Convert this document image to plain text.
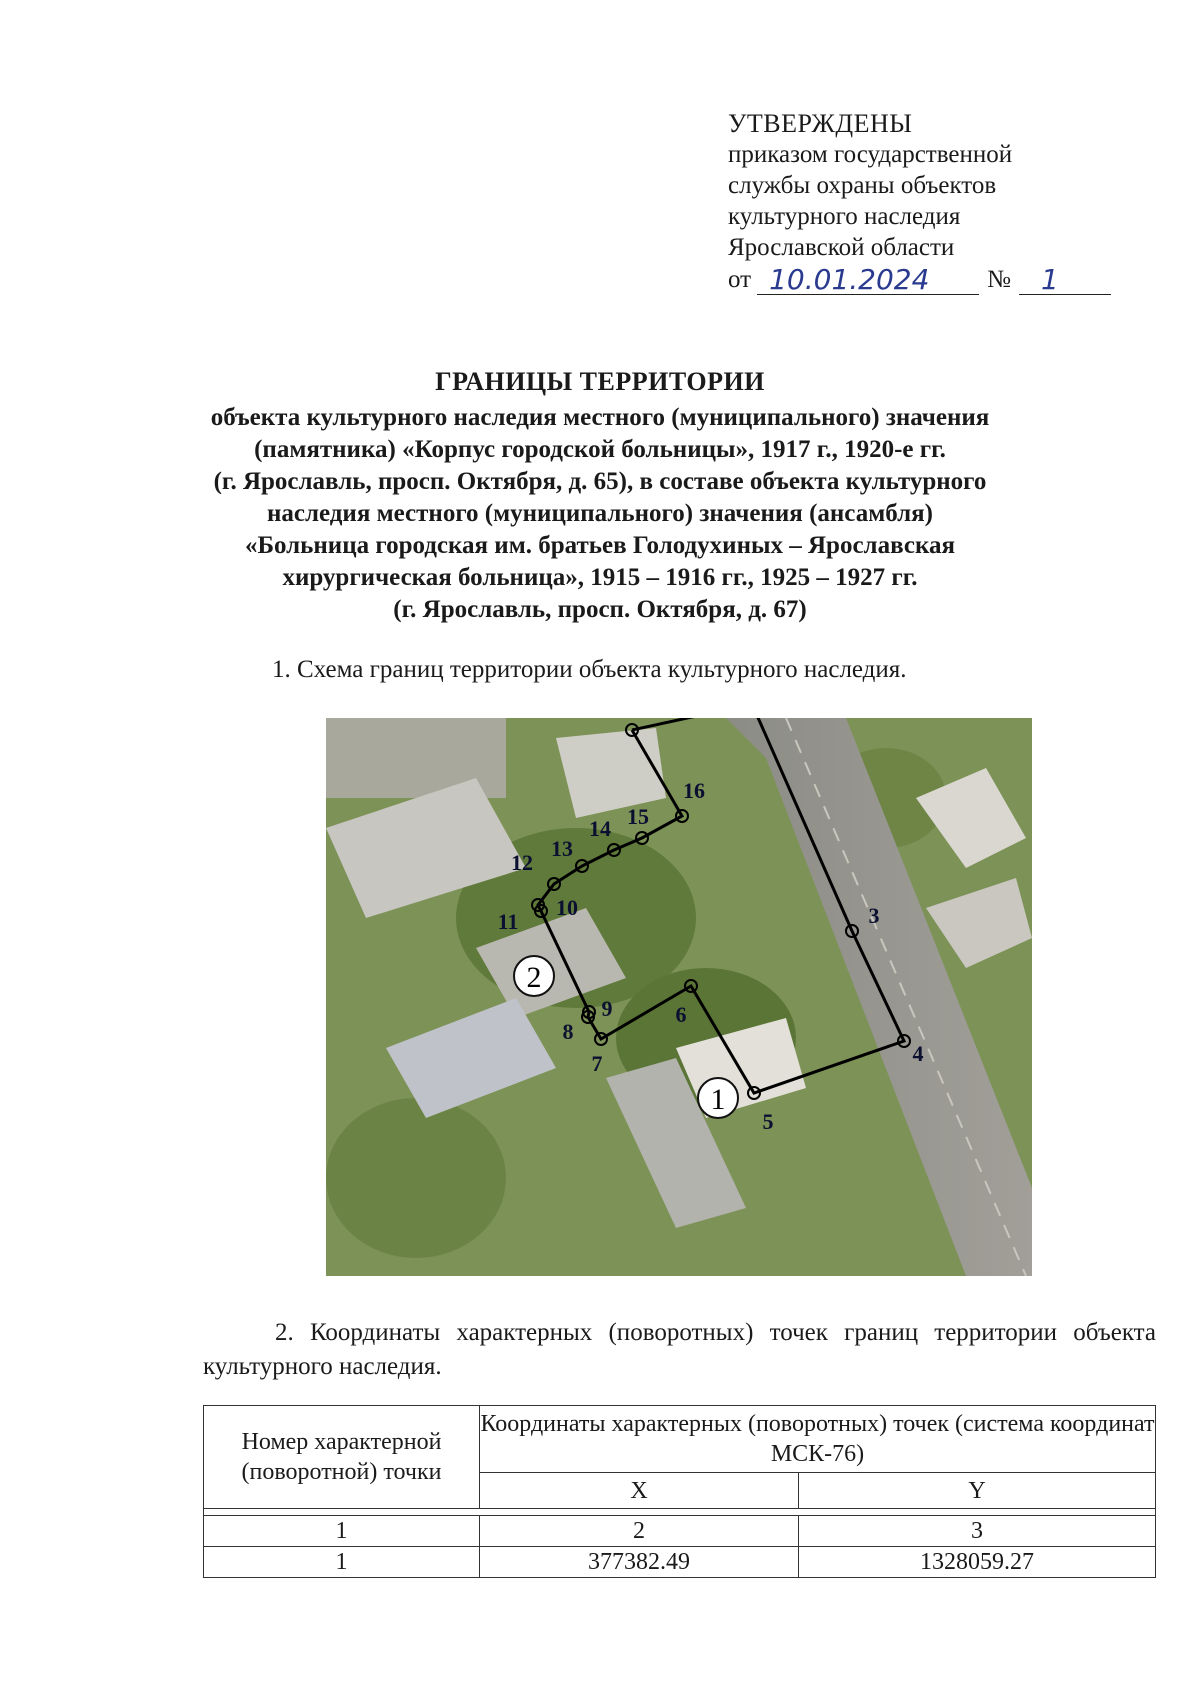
УТВЕРЖДЕНЫ
приказом государственной
службы охраны объектов
культурного наследия
Ярославской области
от 10.01.2024	№	1
ГРАНИЦЫ ТЕРРИТОРИИ
объекта культурного наследия местного (муниципального) значения
(памятника) «Корпус городской больницы», 1917 г., 1920-е гг.
(г. Ярославль, просп. Октября, д. 65), в составе объекта культурного
наследия местного (муниципального) значения (ансамбля)
«Больница городская им. братьев Голодухиных – Ярославская
хирургическая больница», 1915 – 1916 гг., 1925 – 1927 гг.
(г. Ярославль, просп. Октября, д. 67)
1. Схема границ территории объекта культурного наследия.
3
4
5
6
7
8
9
10
11
12
13
14 15
16
1
2
2. Координаты характерных (поворотных) точек границ территории объекта культурного наследия.
Номер характерной (поворотной) точки	Координаты характерных (поворотных) точек (система координат МСК-76)	
	X	Y

1	2	3
1	377382.49	1328059.27
